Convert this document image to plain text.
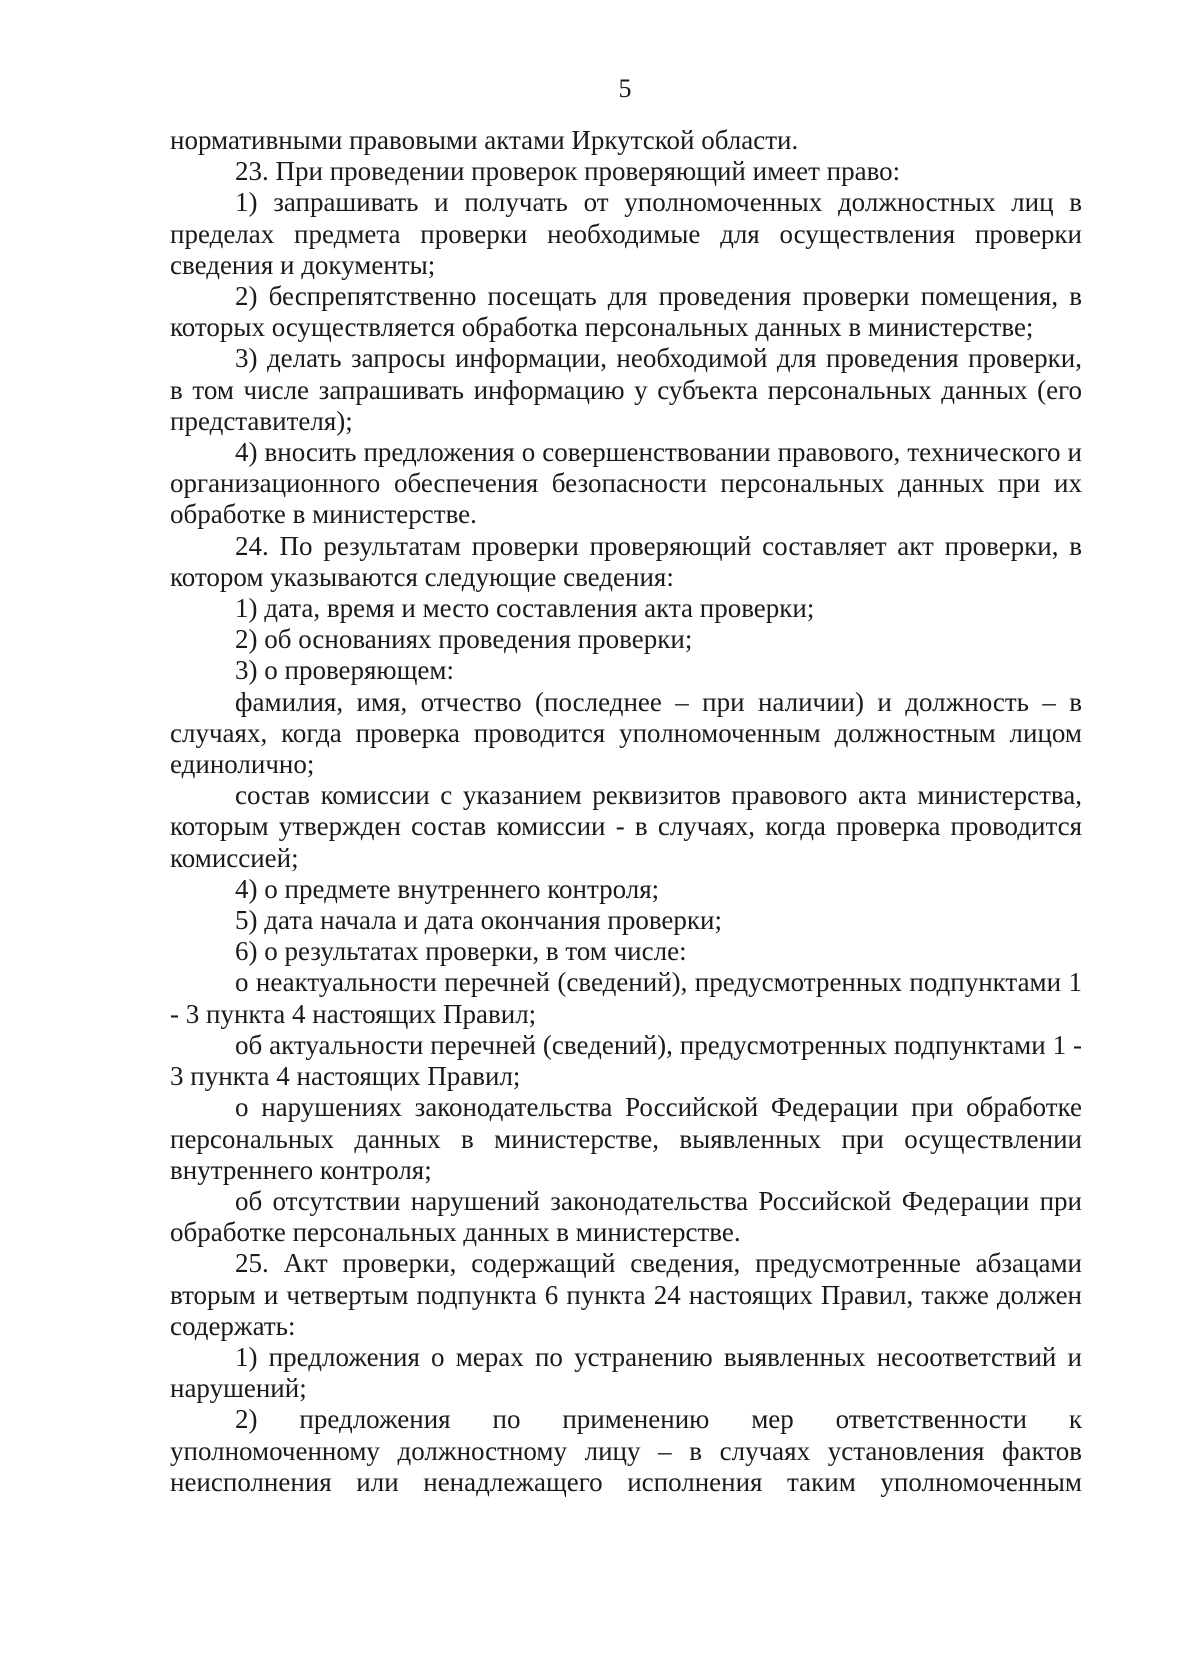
5

нормативными правовыми актами Иркутской области.

23. При проведении проверок проверяющий имеет право:

1) запрашивать и получать от уполномоченных должностных лиц в пределах предмета проверки необходимые для осуществления проверки сведения и документы;

2) беспрепятственно посещать для проведения проверки помещения, в которых осуществляется обработка персональных данных в министерстве;

3) делать запросы информации, необходимой для проведения проверки, в том числе запрашивать информацию у субъекта персональных данных (его представителя);

4) вносить предложения о совершенствовании правового, технического и организационного обеспечения безопасности персональных данных при их обработке в министерстве.

24. По результатам проверки проверяющий составляет акт проверки, в котором указываются следующие сведения:

1) дата, время и место составления акта проверки;

2) об основаниях проведения проверки;

3) о проверяющем:

фамилия, имя, отчество (последнее – при наличии) и должность – в случаях, когда проверка проводится уполномоченным должностным лицом единолично;

состав комиссии с указанием реквизитов правового акта министерства, которым утвержден состав комиссии - в случаях, когда проверка проводится комиссией;

4) о предмете внутреннего контроля;

5) дата начала и дата окончания проверки;

6) о результатах проверки, в том числе:

о неактуальности перечней (сведений), предусмотренных подпунктами 1 - 3 пункта 4 настоящих Правил;

об актуальности перечней (сведений), предусмотренных подпунктами 1 - 3 пункта 4 настоящих Правил;

о нарушениях законодательства Российской Федерации при обработке персональных данных в министерстве, выявленных при осуществлении внутреннего контроля;

об отсутствии нарушений законодательства Российской Федерации при обработке персональных данных в министерстве.

25. Акт проверки, содержащий сведения, предусмотренные абзацами вторым и четвертым подпункта 6 пункта 24 настоящих Правил, также должен содержать:

1) предложения о мерах по устранению выявленных несоответствий и нарушений;

2) предложения по применению мер ответственности к уполномоченному должностному лицу – в случаях установления фактов неисполнения или ненадлежащего исполнения таким уполномоченным
